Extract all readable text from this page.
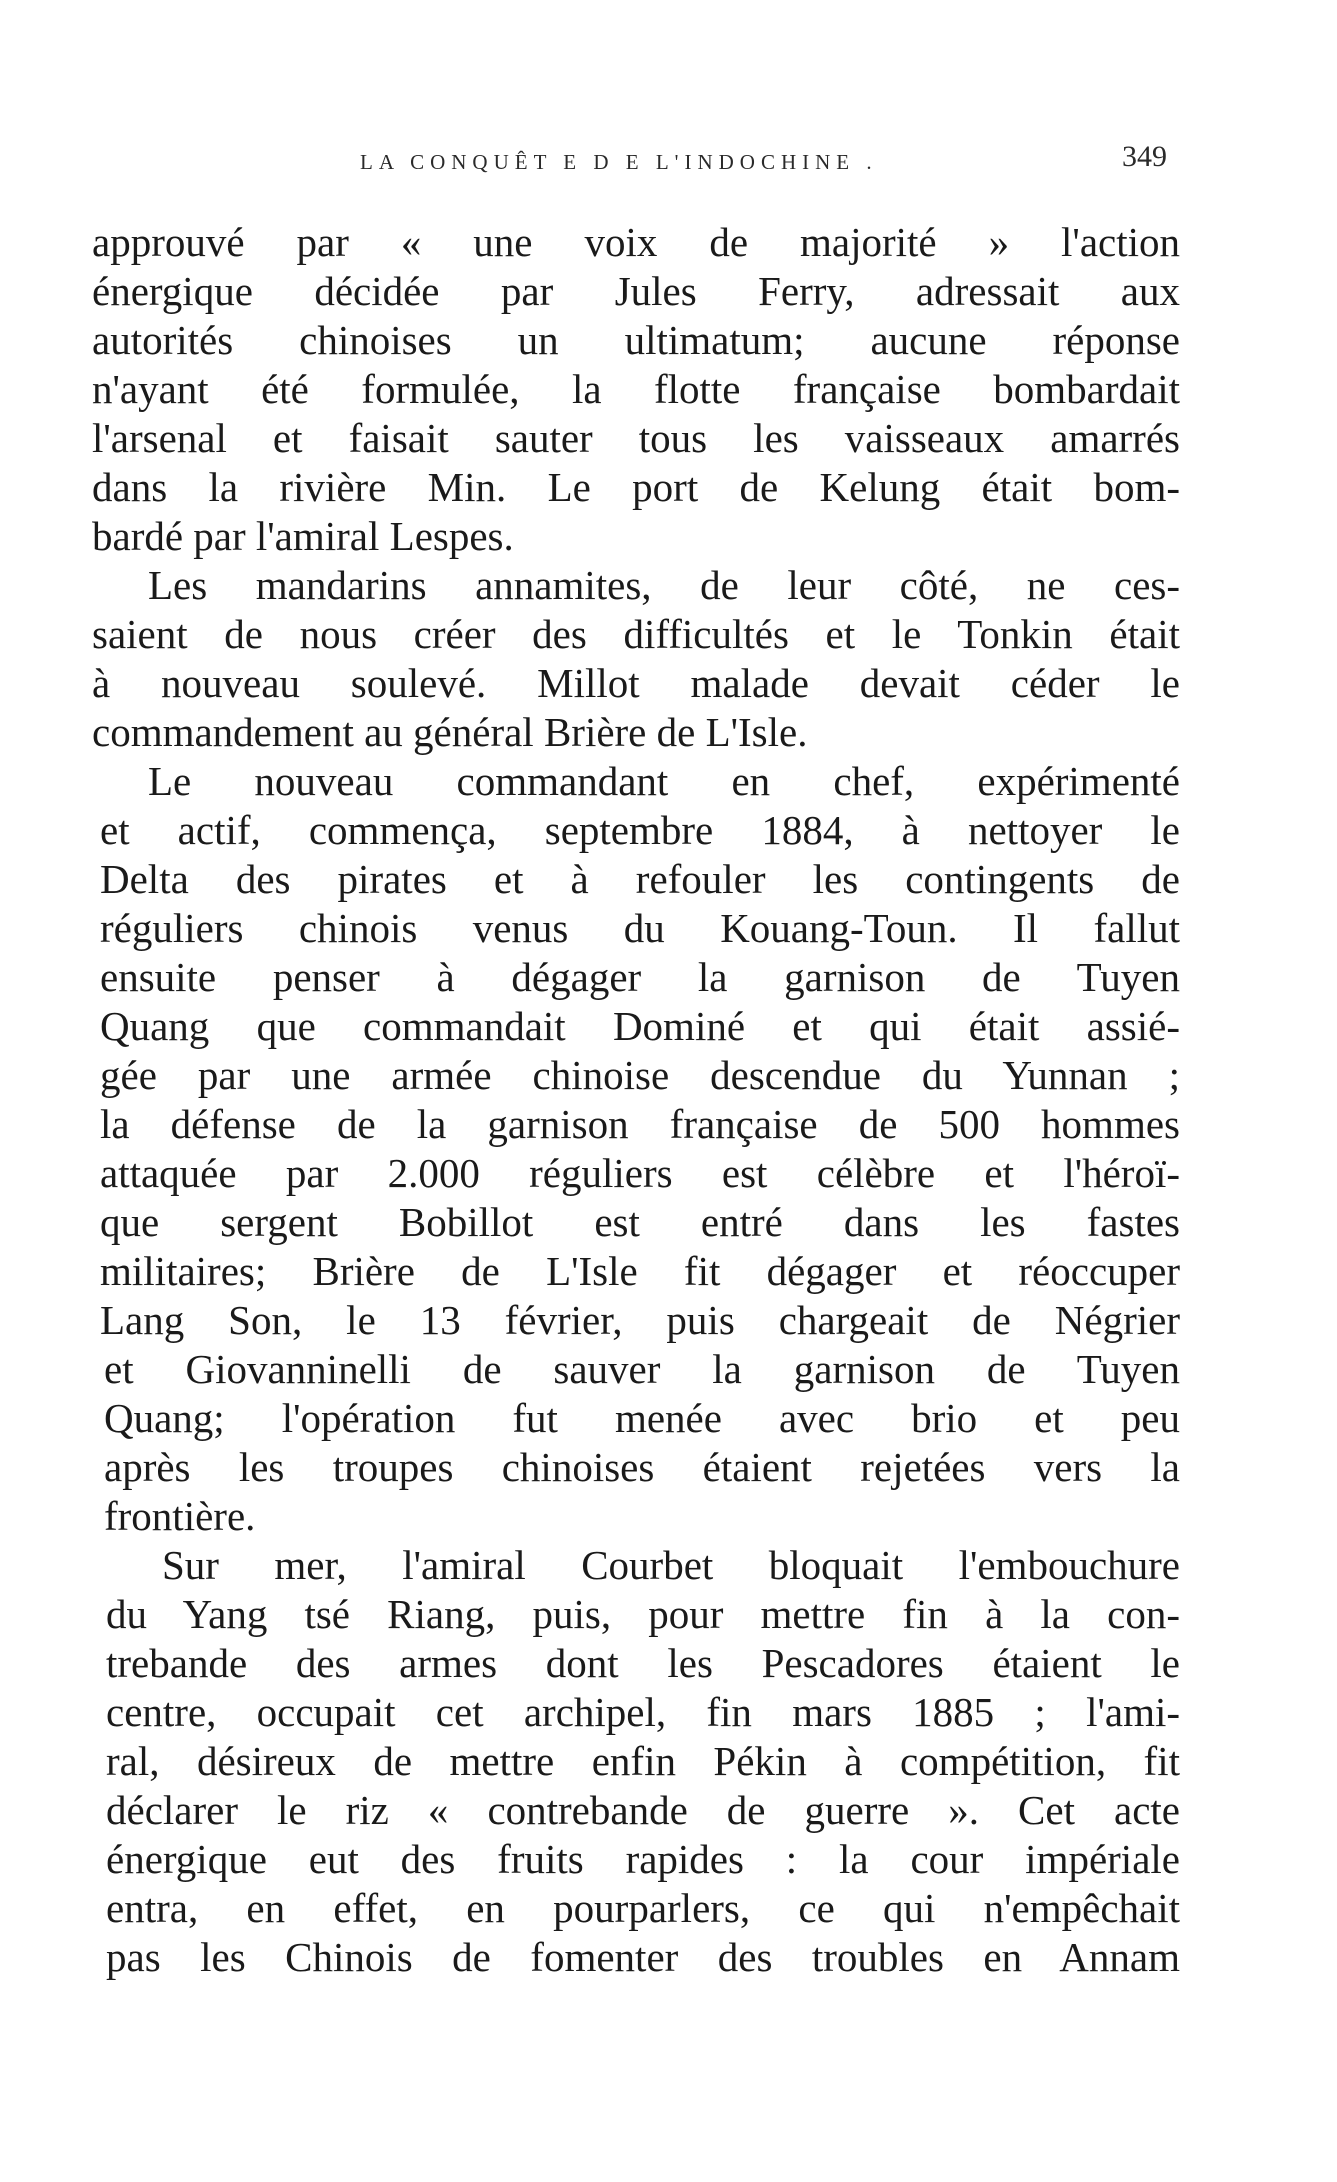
LA CONQUÊT E D E L'INDOCHINE .	349
approuvé par « une voix de majorité » l'action
énergique décidée par Jules Ferry, adressait aux
autorités chinoises un ultimatum; aucune réponse
n'ayant été formulée, la flotte française bombardait
l'arsenal et faisait sauter tous les vaisseaux amarrés
dans la rivière Min. Le port de Kelung était bom-
bardé par l'amiral Lespes.
Les mandarins annamites, de leur côté, ne ces-
saient de nous créer des difficultés et le Tonkin était
à nouveau soulevé. Millot malade devait céder le
commandement au général Brière de L'Isle.
Le nouveau commandant en chef, expérimenté
et actif, commença, septembre 1884, à nettoyer le
Delta des pirates et à refouler les contingents de
réguliers chinois venus du Kouang-Toun. Il fallut
ensuite penser à dégager la garnison de Tuyen
Quang que commandait Dominé et qui était assié-
gée par une armée chinoise descendue du Yunnan ;
la défense de la garnison française de 500 hommes
attaquée par 2.000 réguliers est célèbre et l'héroï-
que sergent Bobillot est entré dans les fastes
militaires; Brière de L'Isle fit dégager et réoccuper
Lang Son, le 13 février, puis chargeait de Négrier
et Giovanninelli de sauver la garnison de Tuyen
Quang; l'opération fut menée avec brio et peu
après les troupes chinoises étaient rejetées vers la
frontière.
Sur mer, l'amiral Courbet bloquait l'embouchure
du Yang tsé Riang, puis, pour mettre fin à la con-
trebande des armes dont les Pescadores étaient le
centre, occupait cet archipel, fin mars 1885 ; l'ami-
ral, désireux de mettre enfin Pékin à compétition, fit
déclarer le riz « contrebande de guerre ». Cet acte
énergique eut des fruits rapides : la cour impériale
entra, en effet, en pourparlers, ce qui n'empêchait
pas les Chinois de fomenter des troubles en Annam
